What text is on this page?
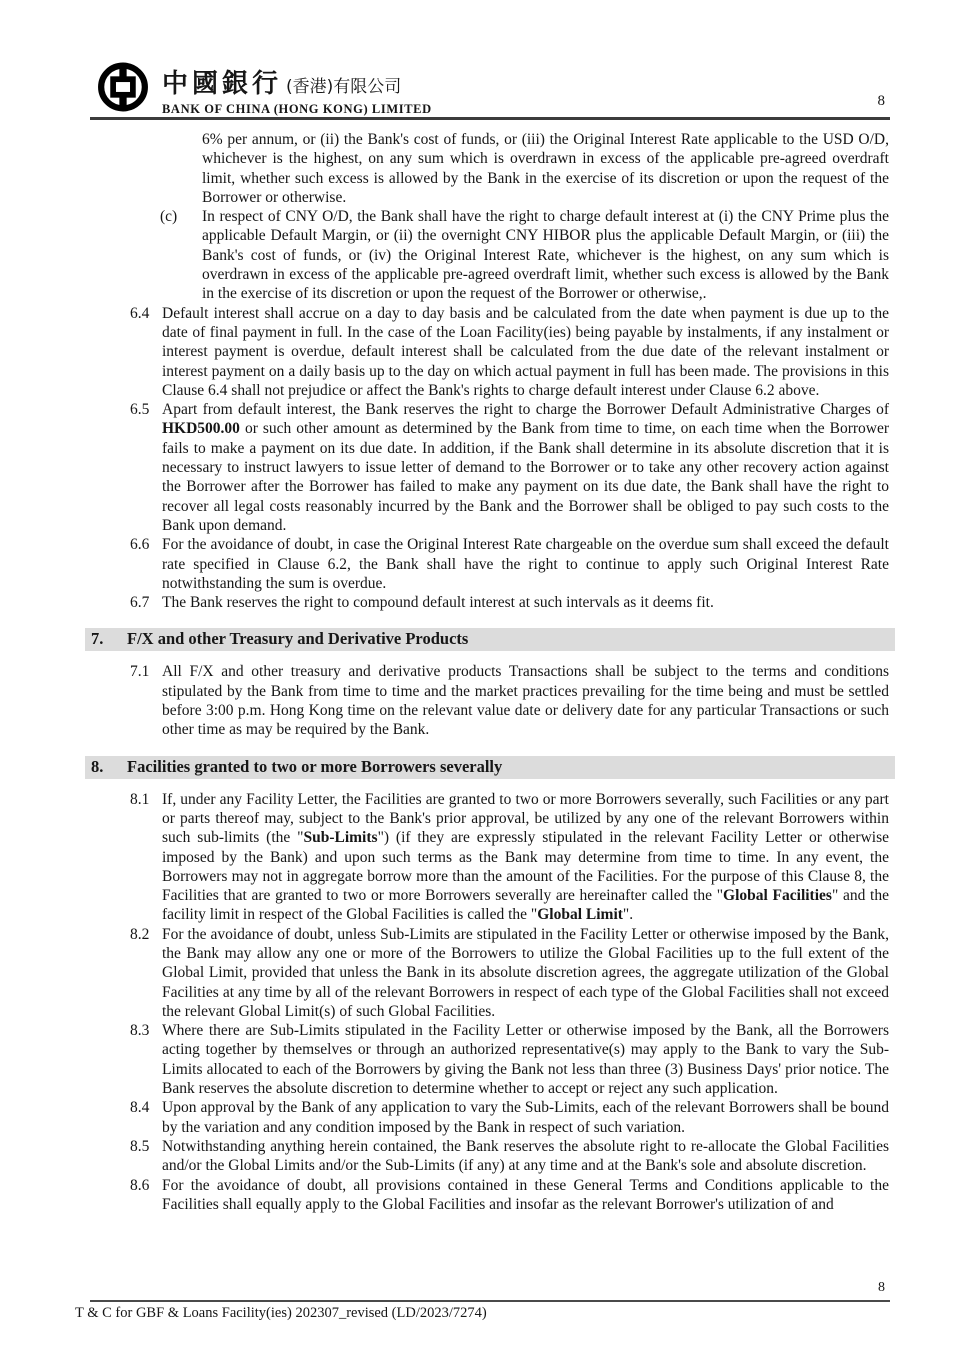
中國銀行 (香港)有限公司
BANK OF CHINA (HONG KONG) LIMITED	8

6% per annum, or (ii) the Bank's cost of funds, or (iii) the Original Interest Rate applicable to the USD O/D, whichever is the highest, on any sum which is overdrawn in excess of the applicable pre-agreed overdraft limit, whether such excess is allowed by the Bank in the exercise of its discretion or upon the request of the Borrower or otherwise.

(c)	In respect of CNY O/D, the Bank shall have the right to charge default interest at (i) the CNY Prime plus the applicable Default Margin, or (ii) the overnight CNY HIBOR plus the applicable Default Margin, or (iii) the Bank's cost of funds, or (iv) the Original Interest Rate, whichever is the highest, on any sum which is overdrawn in excess of the applicable pre-agreed overdraft limit, whether such excess is allowed by the Bank in the exercise of its discretion or upon the request of the Borrower or otherwise,.
6.4 Default interest shall accrue on a day to day basis and be calculated from the date when payment is due up to the date of final payment in full. In the case of the Loan Facility(ies) being payable by instalments, if any instalment or interest payment is overdue, default interest shall be calculated from the due date of the relevant instalment or interest payment on a daily basis up to the day on which actual payment in full has been made. The provisions in this Clause 6.4 shall not prejudice or affect the Bank's rights to charge default interest under Clause 6.2 above.
6.5 Apart from default interest, the Bank reserves the right to charge the Borrower Default Administrative Charges of HKD500.00 or such other amount as determined by the Bank from time to time, on each time when the Borrower fails to make a payment on its due date. In addition, if the Bank shall determine in its absolute discretion that it is necessary to instruct lawyers to issue letter of demand to the Borrower or to take any other recovery action against the Borrower after the Borrower has failed to make any payment on its due date, the Bank shall have the right to recover all legal costs reasonably incurred by the Bank and the Borrower shall be obliged to pay such costs to the Bank upon demand.
6.6 For the avoidance of doubt, in case the Original Interest Rate chargeable on the overdue sum shall exceed the default rate specified in Clause 6.2, the Bank shall have the right to continue to apply such Original Interest Rate notwithstanding the sum is overdue.
6.7 The Bank reserves the right to compound default interest at such intervals as it deems fit.
7.	F/X and other Treasury and Derivative Products
7.1 All F/X and other treasury and derivative products Transactions shall be subject to the terms and conditions stipulated by the Bank from time to time and the market practices prevailing for the time being and must be settled before 3:00 p.m. Hong Kong time on the relevant value date or delivery date for any particular Transactions or such other time as may be required by the Bank.
8.	Facilities granted to two or more Borrowers severally
8.1 If, under any Facility Letter, the Facilities are granted to two or more Borrowers severally, such Facilities or any part or parts thereof may, subject to the Bank's prior approval, be utilized by any one of the relevant Borrowers within such sub-limits (the "Sub-Limits") (if they are expressly stipulated in the relevant Facility Letter or otherwise imposed by the Bank) and upon such terms as the Bank may determine from time to time. In any event, the Borrowers may not in aggregate borrow more than the amount of the Facilities. For the purpose of this Clause 8, the Facilities that are granted to two or more Borrowers severally are hereinafter called the "Global Facilities" and the facility limit in respect of the Global Facilities is called the "Global Limit".
8.2 For the avoidance of doubt, unless Sub-Limits are stipulated in the Facility Letter or otherwise imposed by the Bank, the Bank may allow any one or more of the Borrowers to utilize the Global Facilities up to the full extent of the Global Limit, provided that unless the Bank in its absolute discretion agrees, the aggregate utilization of the Global Facilities at any time by all of the relevant Borrowers in respect of each type of the Global Facilities shall not exceed the relevant Global Limit(s) of such Global Facilities.
8.3 Where there are Sub-Limits stipulated in the Facility Letter or otherwise imposed by the Bank, all the Borrowers acting together by themselves or through an authorized representative(s) may apply to the Bank to vary the Sub-Limits allocated to each of the Borrowers by giving the Bank not less than three (3) Business Days' prior notice. The Bank reserves the absolute discretion to determine whether to accept or reject any such application.
8.4 Upon approval by the Bank of any application to vary the Sub-Limits, each of the relevant Borrowers shall be bound by the variation and any condition imposed by the Bank in respect of such variation.
8.5 Notwithstanding anything herein contained, the Bank reserves the absolute right to re-allocate the Global Facilities and/or the Global Limits and/or the Sub-Limits (if any) at any time and at the Bank's sole and absolute discretion.
8.6 For the avoidance of doubt, all provisions contained in these General Terms and Conditions applicable to the Facilities shall equally apply to the Global Facilities and insofar as the relevant Borrower's utilization of and
8
T & C for GBF & Loans Facility(ies) 202307_revised (LD/2023/7274)
